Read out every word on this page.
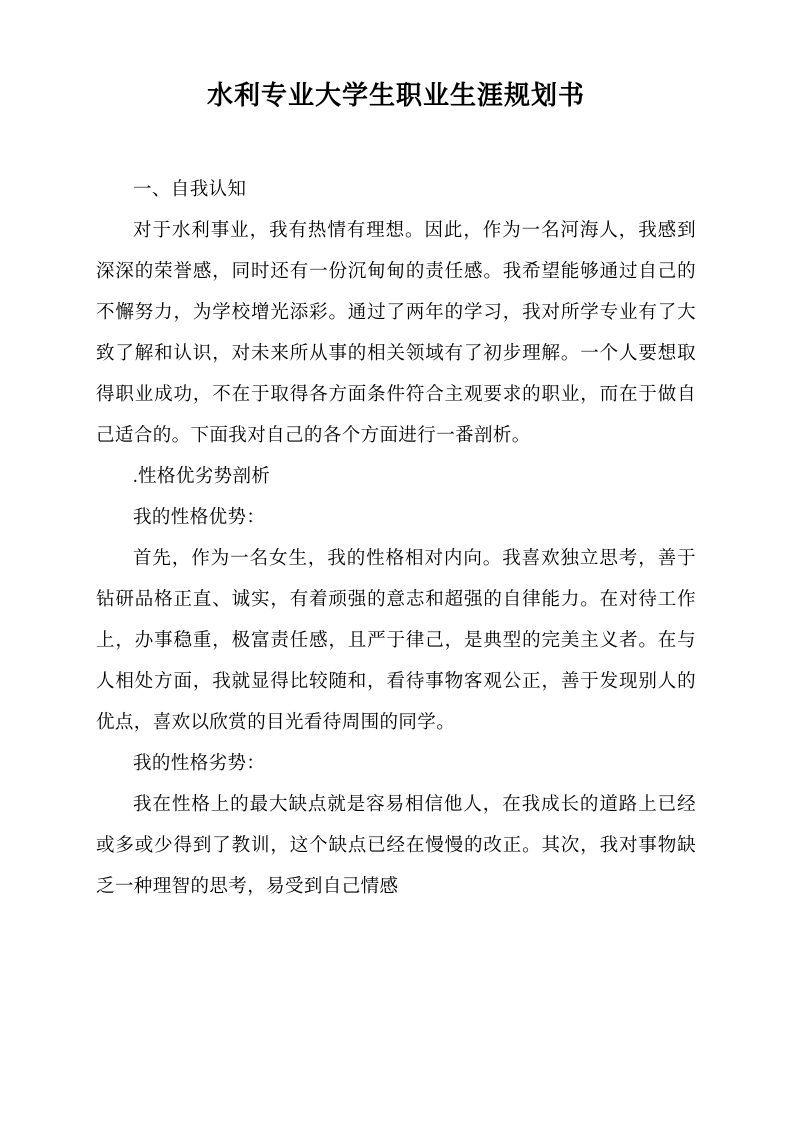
水利专业大学生职业生涯规划书

一、自我认知

对于水利事业，我有热情有理想。因此，作为一名河海人，我感到深深的荣誉感，同时还有一份沉甸甸的责任感。我希望能够通过自己的不懈努力，为学校增光添彩。通过了两年的学习，我对所学专业有了大致了解和认识，对未来所从事的相关领域有了初步理解。一个人要想取得职业成功，不在于取得各方面条件符合主观要求的职业，而在于做自己适合的。下面我对自己的各个方面进行一番剖析。

.性格优劣势剖析

我的性格优势：

首先，作为一名女生，我的性格相对内向。我喜欢独立思考，善于钻研品格正直、诚实，有着顽强的意志和超强的自律能力。在对待工作上，办事稳重，极富责任感，且严于律己，是典型的完美主义者。在与人相处方面，我就显得比较随和，看待事物客观公正，善于发现别人的优点，喜欢以欣赏的目光看待周围的同学。

我的性格劣势：

我在性格上的最大缺点就是容易相信他人，在我成长的道路上已经或多或少得到了教训，这个缺点已经在慢慢的改正。其次，我对事物缺乏一种理智的思考，易受到自己情感
